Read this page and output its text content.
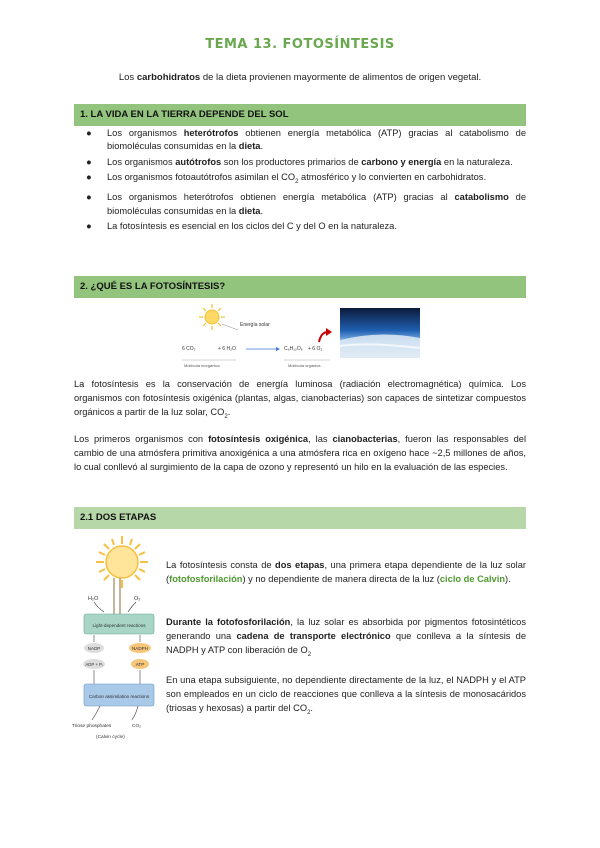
TEMA 13. FOTOSÍNTESIS
Los carbohidratos de la dieta provienen mayormente de alimentos de origen vegetal.
1. LA VIDA EN LA TIERRA DEPENDE DEL SOL
● Los organismos heterótrofos obtienen energía metabólica (ATP) gracias al catabolismo de biomoléculas consumidas en la dieta.
● Los organismos autótrofos son los productores primarios de carbono y energía en la naturaleza.
● Los organismos fotoautótrofos asimilan el $CO_2$ atmosférico y lo convierten en carbohidratos.
● Los organismos heterótrofos obtienen energía metabólica (ATP) gracias al catabolismo de biomoléculas consumidas en la dieta.
● La fotosíntesis es esencial en los ciclos del C y del O en la naturaleza.
2. ¿QUÉ ES LA FOTOSÍNTESIS?
Energía solar
6 CO₂	+ 6 H₂O	C₆H₁₂O₆ + 6 O₂
Molécula inorgánica	Molécula orgánica
La fotosíntesis es la conservación de energía luminosa (radiación electromagnética) química. Los organismos con fotosíntesis oxigénica (plantas, algas, cianobacterias) son capaces de sintetizar compuestos orgánicos a partir de la luz solar, $CO_2$.
Los primeros organismos con fotosíntesis oxigénica, las cianobacterias, fueron las responsables del cambio de una atmósfera primitiva anoxigénica a una atmósfera rica en oxígeno hace ~2,5 millones de años, lo cual conllevó al surgimiento de la capa de ozono y representó un hilo en la evaluación de las especies.
2.1 DOS ETAPAS
H₂O	O₂
Light-dependent reactions
NADP	NADPH
ADP + Pᵢ	ATP
Carbon assimilation reactions
Triose phosphates	CO₂
(Calvin cycle)
La fotosíntesis consta de dos etapas, una primera etapa dependiente de la luz solar (fotofosforilación) y no dependiente de manera directa de la luz (ciclo de Calvin).
Durante la fotofosforilación, la luz solar es absorbida por pigmentos fotosintéticos generando una cadena de transporte electrónico que conlleva a la síntesis de NADPH y ATP con liberación de $O_2$
En una etapa subsiguiente, no dependiente directamente de la luz, el NADPH y el ATP son empleados en un ciclo de reacciones que conlleva a la síntesis de monosacáridos (triosas y hexosas) a partir del $CO_2$.
